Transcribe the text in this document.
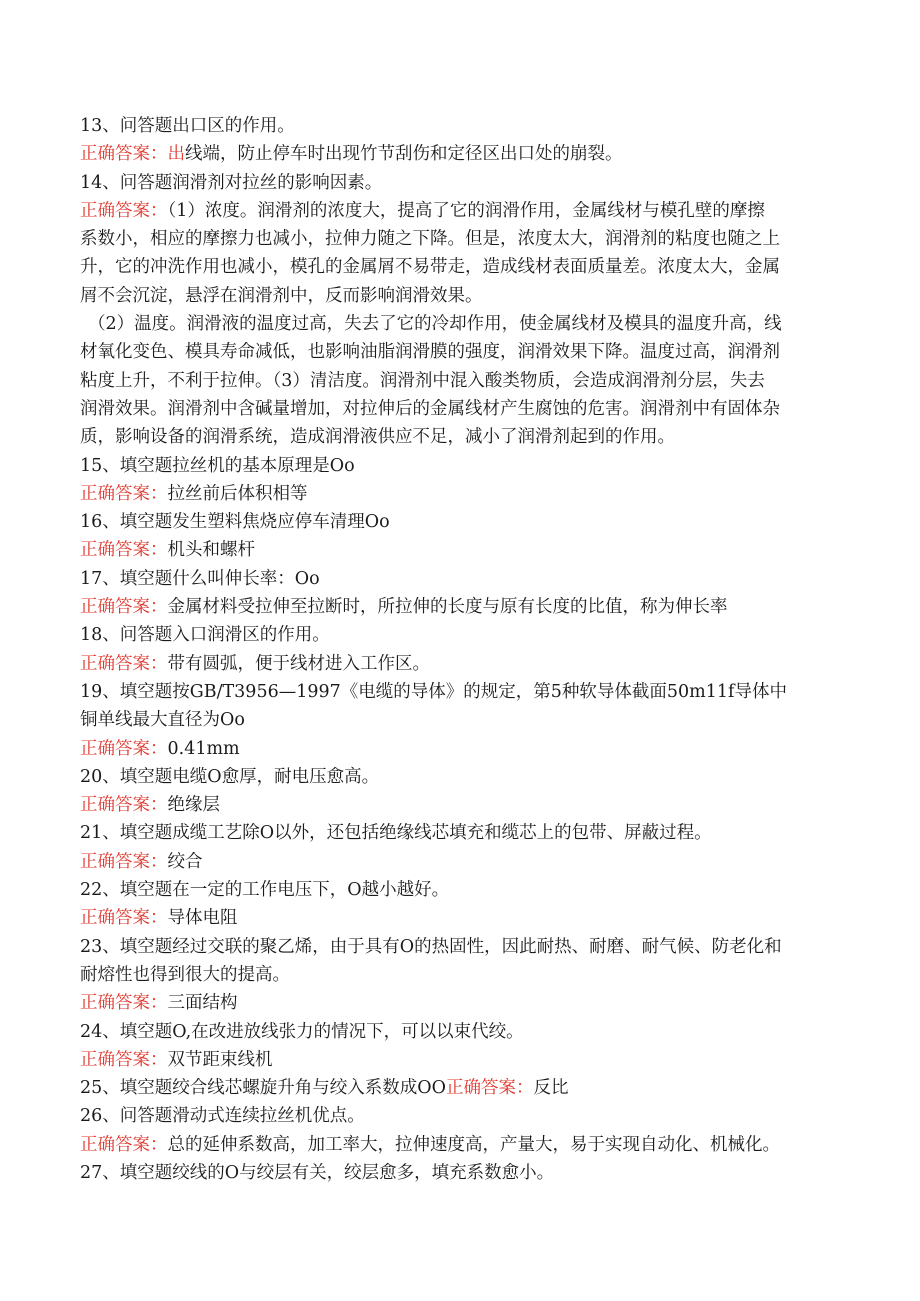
13、问答题出口区的作用。
正确答案：出线端，防止停车时出现竹节刮伤和定径区出口处的崩裂。
14、问答题润滑剂对拉丝的影响因素。
正确答案：（1）浓度。润滑剂的浓度大，提高了它的润滑作用，金属线材与模孔壁的摩擦
系数小，相应的摩擦力也减小，拉伸力随之下降。但是，浓度太大，润滑剂的粘度也随之上
升，它的冲洗作用也减小，模孔的金属屑不易带走，造成线材表面质量差。浓度太大，金属
屑不会沉淀，悬浮在润滑剂中，反而影响润滑效果。
（2）温度。润滑液的温度过高，失去了它的冷却作用，使金属线材及模具的温度升高，线
材氧化变色、模具寿命减低，也影响油脂润滑膜的强度，润滑效果下降。温度过高，润滑剂
粘度上升，不利于拉伸。（3）清洁度。润滑剂中混入酸类物质，会造成润滑剂分层，失去
润滑效果。润滑剂中含碱量增加，对拉伸后的金属线材产生腐蚀的危害。润滑剂中有固体杂
质，影响设备的润滑系统，造成润滑液供应不足，减小了润滑剂起到的作用。
15、填空题拉丝机的基本原理是Oo
正确答案：拉丝前后体积相等
16、填空题发生塑料焦烧应停车清理Oo
正确答案：机头和螺杆
17、填空题什么叫伸长率：Oo
正确答案：金属材料受拉伸至拉断时，所拉伸的长度与原有长度的比值，称为伸长率
18、问答题入口润滑区的作用。
正确答案：带有圆弧，便于线材进入工作区。
19、填空题按GB/T3956—1997《电缆的导体》的规定，第5种软导体截面50m11f导体中
铜单线最大直径为Oo
正确答案：0.41mm
20、填空题电缆O愈厚，耐电压愈高。
正确答案：绝缘层
21、填空题成缆工艺除O以外，还包括绝缘线芯填充和缆芯上的包带、屏蔽过程。
正确答案：绞合
22、填空题在一定的工作电压下，O越小越好。
正确答案：导体电阻
23、填空题经过交联的聚乙烯，由于具有O的热固性，因此耐热、耐磨、耐气候、防老化和
耐熔性也得到很大的提高。
正确答案：三面结构
24、填空题O,在改进放线张力的情况下，可以以束代绞。
正确答案：双节距束线机
25、填空题绞合线芯螺旋升角与绞入系数成OO正确答案：反比
26、问答题滑动式连续拉丝机优点。
正确答案：总的延伸系数高，加工率大，拉伸速度高，产量大，易于实现自动化、机械化。
27、填空题绞线的O与绞层有关，绞层愈多，填充系数愈小。
